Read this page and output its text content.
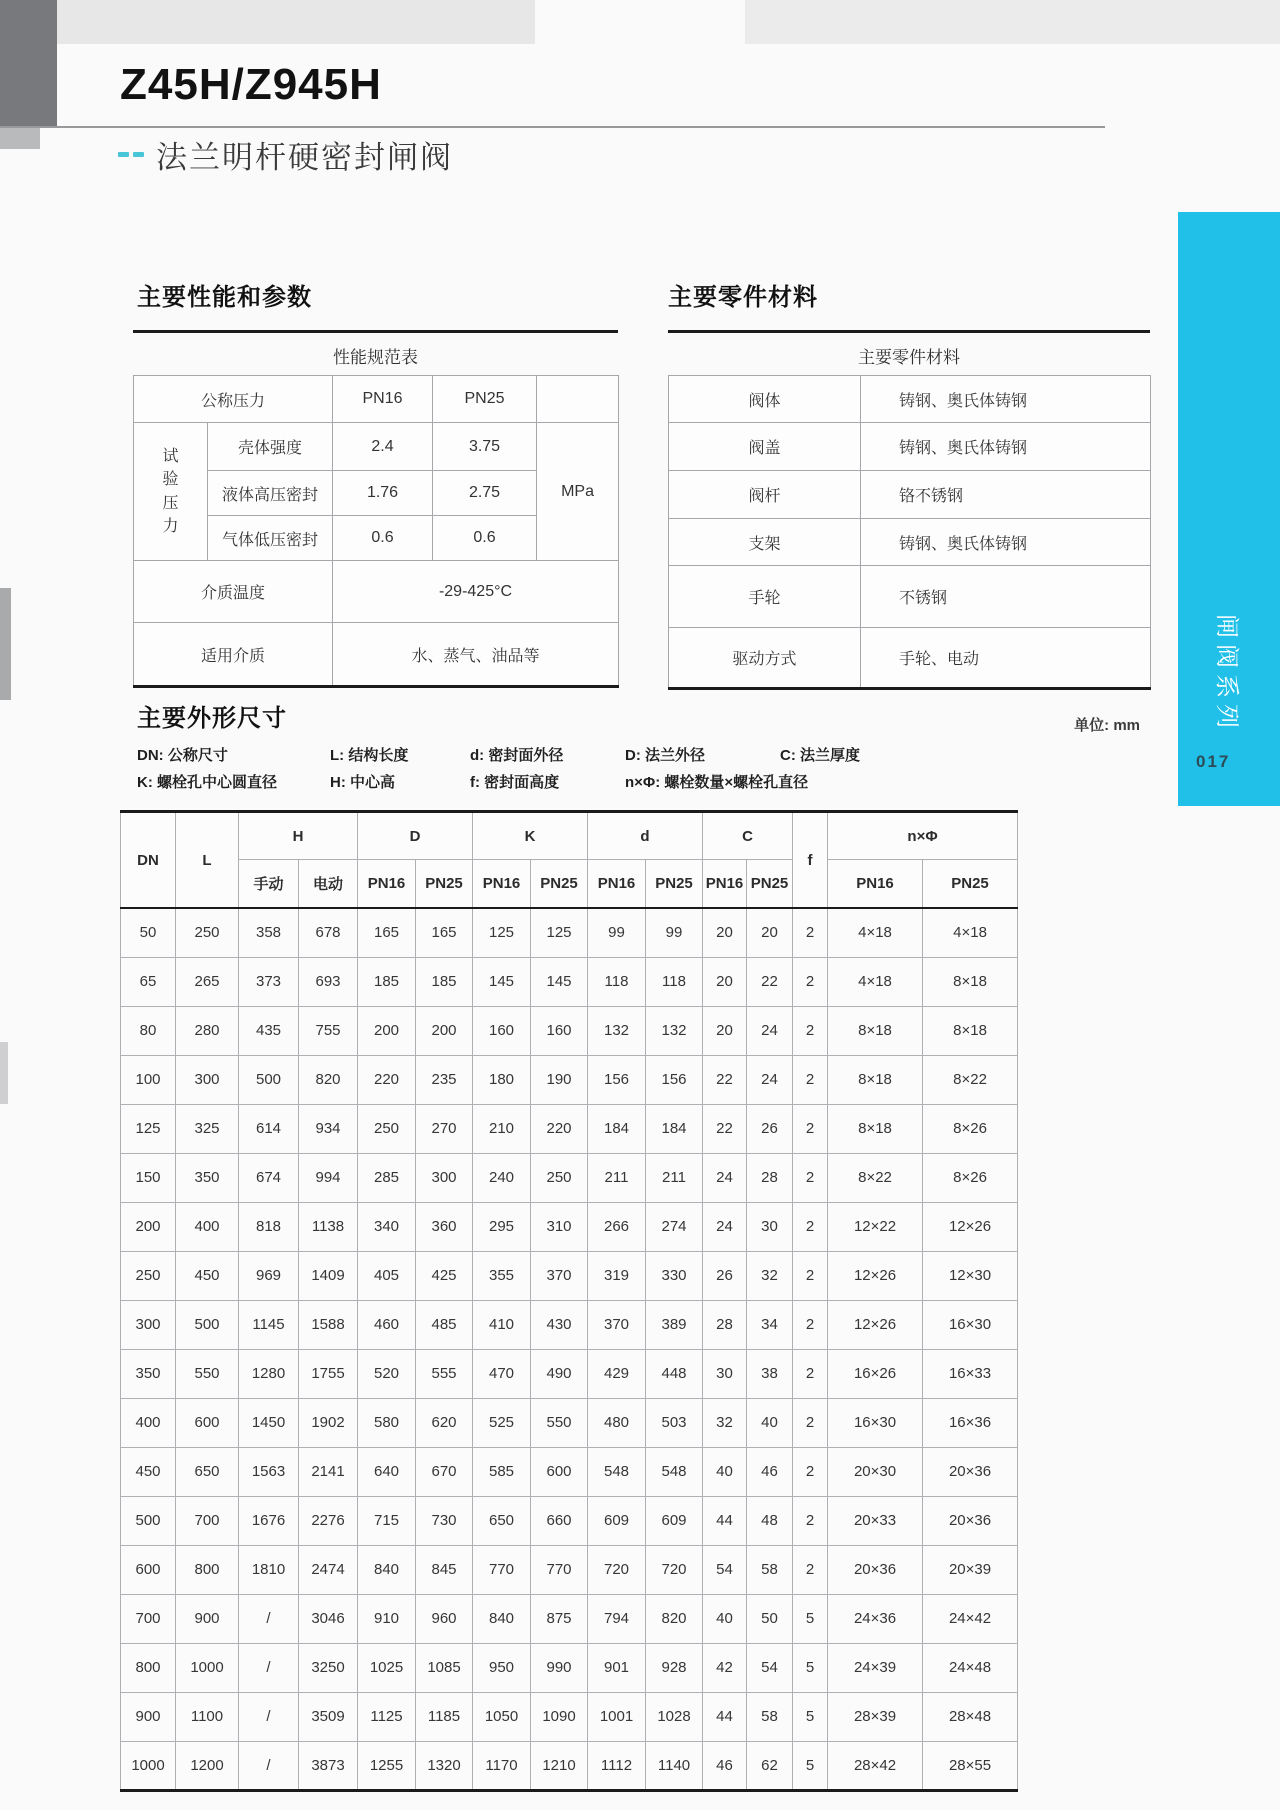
Z45H/Z945H
法兰明杆硬密封闸阀
主要性能和参数
性能规范表
公称压力		PN16	PN25	
试验压力	壳体强度	2.4	3.75	MPa
	液体高压密封	1.76	2.75	
	气体低压密封	0.6	0.6	
介质温度		-29-425°C		
适用介质		水、蒸气、油品等		
主要零件材料
主要零件材料
阀体	铸钢、奥氏体铸钢
阀盖	铸钢、奥氏体铸钢
阀杆	铬不锈钢
支架	铸钢、奥氏体铸钢
手轮	不锈钢
驱动方式	手轮、电动
主要外形尺寸	单位: mm
DN: 公称尺寸	L: 结构长度	d: 密封面外径	D: 法兰外径	C: 法兰厚度
K: 螺栓孔中心圆直径	H: 中心高	f: 密封面高度	n×Φ: 螺栓数量×螺栓孔直径
DN	L	H		D		K		d		C		f	n×Φ	
		手动	电动	PN16	PN25	PN16	PN25	PN16	PN25	PN16	PN25		PN16	PN25
50	250	358	678	165	165	125	125	99	99	20	20	2	4×18	4×18
65	265	373	693	185	185	145	145	118	118	20	22	2	4×18	8×18
80	280	435	755	200	200	160	160	132	132	20	24	2	8×18	8×18
100	300	500	820	220	235	180	190	156	156	22	24	2	8×18	8×22
125	325	614	934	250	270	210	220	184	184	22	26	2	8×18	8×26
150	350	674	994	285	300	240	250	211	211	24	28	2	8×22	8×26
200	400	818	1138	340	360	295	310	266	274	24	30	2	12×22	12×26
250	450	969	1409	405	425	355	370	319	330	26	32	2	12×26	12×30
300	500	1145	1588	460	485	410	430	370	389	28	34	2	12×26	16×30
350	550	1280	1755	520	555	470	490	429	448	30	38	2	16×26	16×33
400	600	1450	1902	580	620	525	550	480	503	32	40	2	16×30	16×36
450	650	1563	2141	640	670	585	600	548	548	40	46	2	20×30	20×36
500	700	1676	2276	715	730	650	660	609	609	44	48	2	20×33	20×36
600	800	1810	2474	840	845	770	770	720	720	54	58	2	20×36	20×39
700	900	/	3046	910	960	840	875	794	820	40	50	5	24×36	24×42
800	1000	/	3250	1025	1085	950	990	901	928	42	54	5	24×39	24×48
900	1100	/	3509	1125	1185	1050	1090	1001	1028	44	58	5	28×39	28×48
1000	1200	/	3873	1255	1320	1170	1210	1112	1140	46	62	5	28×42	28×55
闸阀系列
017
